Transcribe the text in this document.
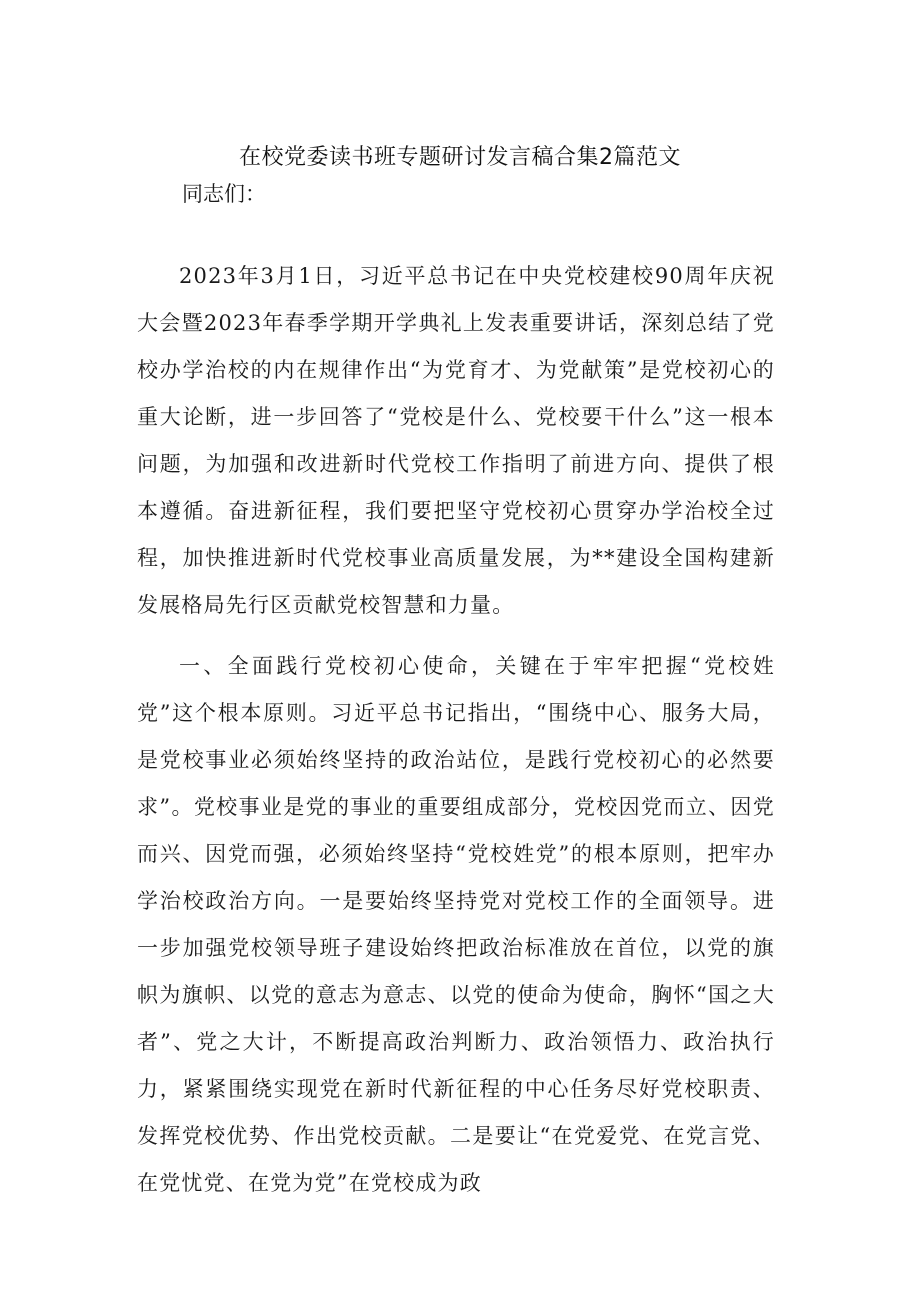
在校党委读书班专题研讨发言稿合集2篇范文
同志们：

2023年3月1日，习近平总书记在中央党校建校90周年庆祝大会暨2023年春季学期开学典礼上发表重要讲话，深刻总结了党校办学治校的内在规律作出“为党育才、为党献策”是党校初心的重大论断，进一步回答了“党校是什么、党校要干什么”这一根本问题，为加强和改进新时代党校工作指明了前进方向、提供了根本遵循。奋进新征程，我们要把坚守党校初心贯穿办学治校全过程，加快推进新时代党校事业高质量发展，为**建设全国构建新发展格局先行区贡献党校智慧和力量。

一、全面践行党校初心使命，关键在于牢牢把握“党校姓党”这个根本原则。习近平总书记指出，“围绕中心、服务大局，是党校事业必须始终坚持的政治站位，是践行党校初心的必然要求”。党校事业是党的事业的重要组成部分，党校因党而立、因党而兴、因党而强，必须始终坚持“党校姓党”的根本原则，把牢办学治校政治方向。一是要始终坚持党对党校工作的全面领导。进一步加强党校领导班子建设始终把政治标准放在首位，以党的旗帜为旗帜、以党的意志为意志、以党的使命为使命，胸怀“国之大者”、党之大计，不断提高政治判断力、政治领悟力、政治执行力，紧紧围绕实现党在新时代新征程的中心任务尽好党校职责、发挥党校优势、作出党校贡献。二是要让“在党爱党、在党言党、在党忧党、在党为党”在党校成为政
